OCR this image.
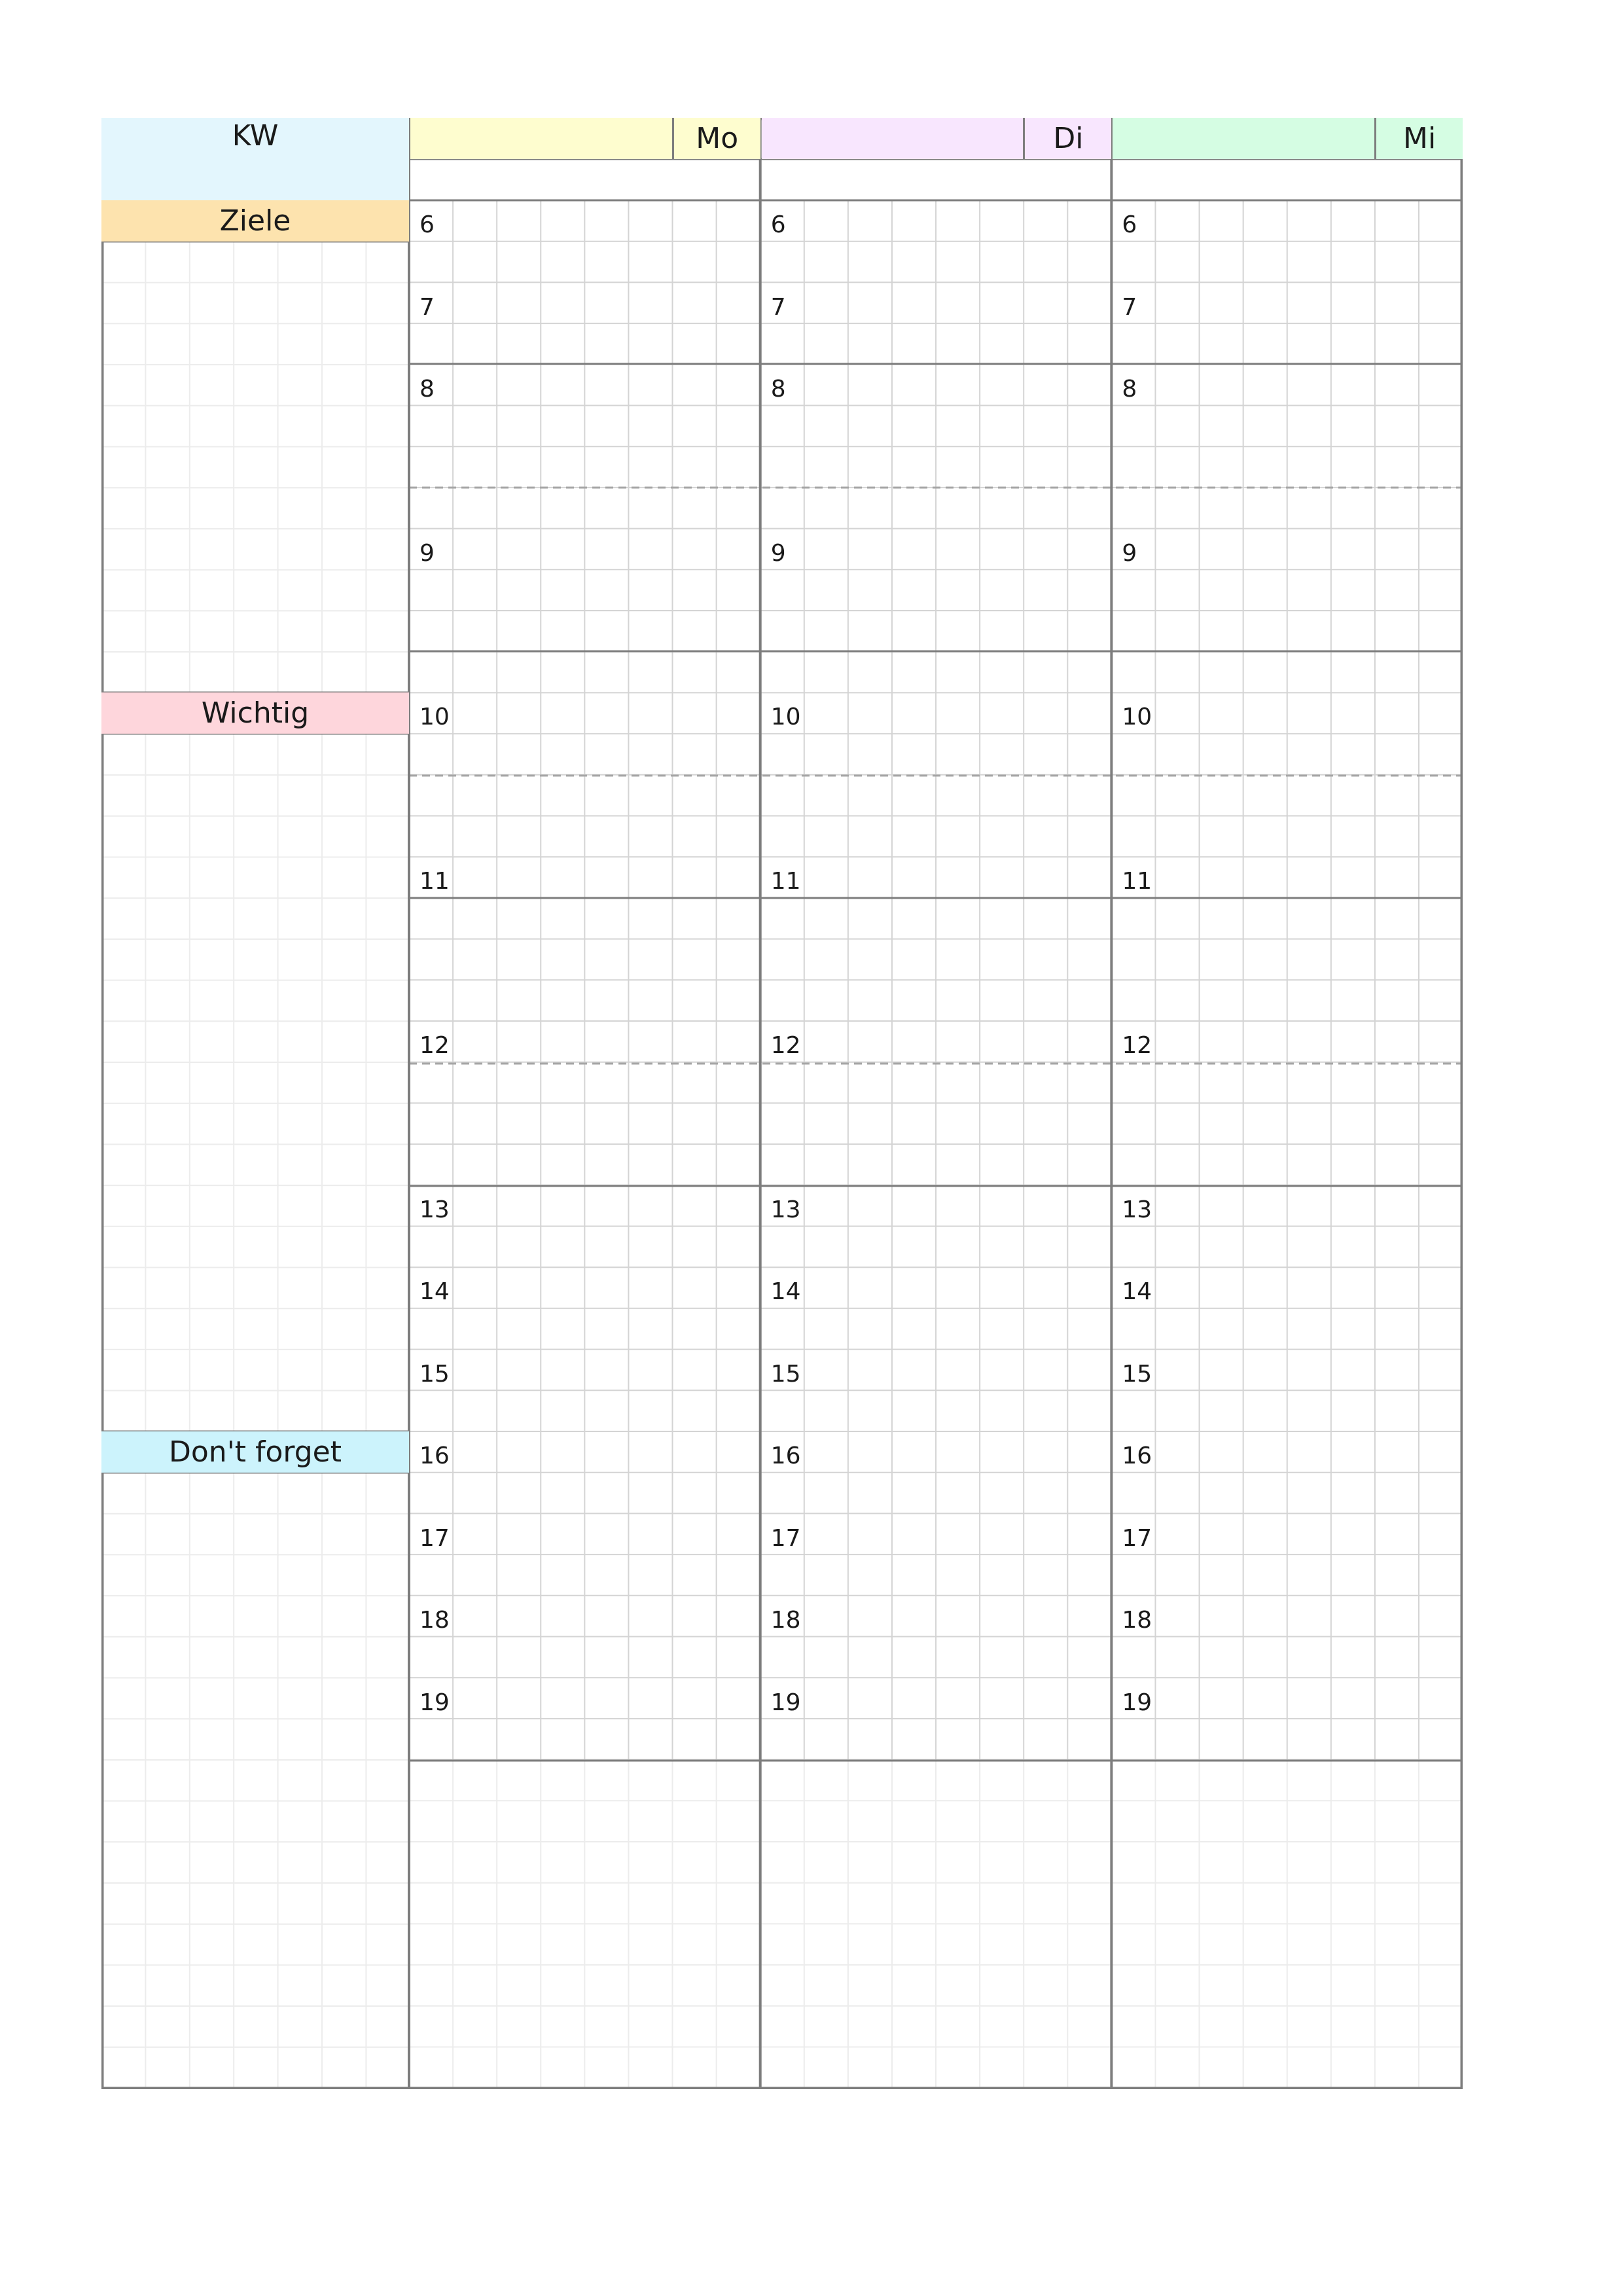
KW
Ziele
Wichtig
Don't forget
Mo	Di	Mi
6
7
8
9
10
11
12
13
14
15
16
17
18
19
6
7
8
9
10
11
12
13
14
15
16
17
18
19
6
7
8
9
10
11
12
13
14
15
16
17
18
19
